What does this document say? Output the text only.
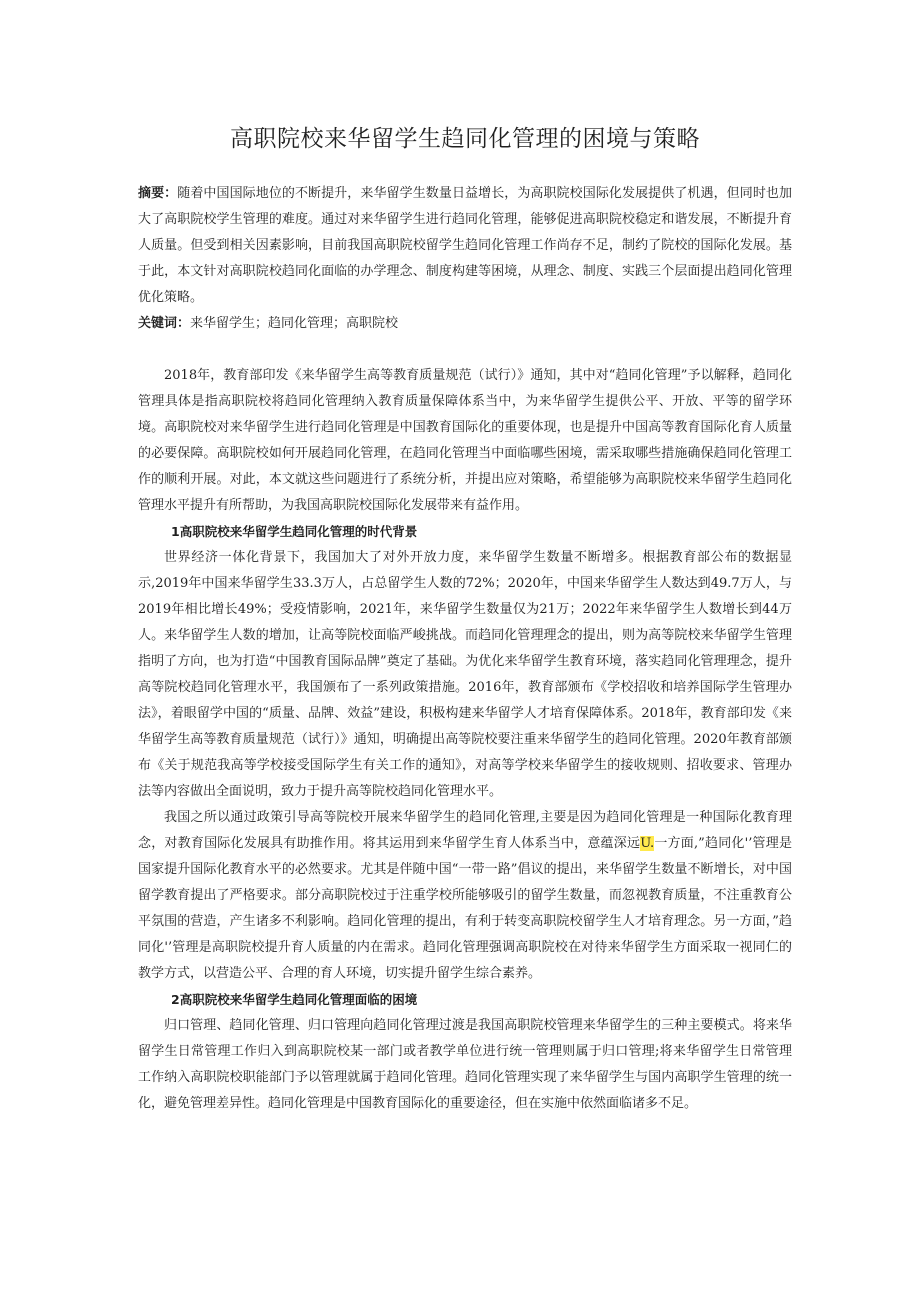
高职院校来华留学生趋同化管理的困境与策略

摘要：随着中国国际地位的不断提升，来华留学生数量日益增长，为高职院校国际化发展提供了机遇，但同时也加大了高职院校学生管理的难度。通过对来华留学生进行趋同化管理，能够促进高职院校稳定和谐发展，不断提升育人质量。但受到相关因素影响，目前我国高职院校留学生趋同化管理工作尚存不足，制约了院校的国际化发展。基于此，本文针对高职院校趋同化面临的办学理念、制度构建等困境，从理念、制度、实践三个层面提出趋同化管理优化策略。

关键词：来华留学生；趋同化管理；高职院校

2018年，教育部印发《来华留学生高等教育质量规范（试行）》通知，其中对“趋同化管理”予以解释，趋同化管理具体是指高职院校将趋同化管理纳入教育质量保障体系当中，为来华留学生提供公平、开放、平等的留学环境。高职院校对来华留学生进行趋同化管理是中国教育国际化的重要体现，也是提升中国高等教育国际化育人质量的必要保障。高职院校如何开展趋同化管理，在趋同化管理当中面临哪些困境，需采取哪些措施确保趋同化管理工作的顺利开展。对此，本文就这些问题进行了系统分析，并提出应对策略，希望能够为高职院校来华留学生趋同化管理水平提升有所帮助，为我国高职院校国际化发展带来有益作用。

1高职院校来华留学生趋同化管理的时代背景

世界经济一体化背景下，我国加大了对外开放力度，来华留学生数量不断增多。根据教育部公布的数据显示,2019年中国来华留学生33.3万人，占总留学生人数的72%；2020年，中国来华留学生人数达到49.7万人，与2019年相比增长49%；受疫情影响，2021年，来华留学生数量仅为21万；2022年来华留学生人数增长到44万人。来华留学生人数的增加，让高等院校面临严峻挑战。而趋同化管理理念的提出，则为高等院校来华留学生管理指明了方向，也为打造“中国教育国际品牌”奠定了基础。为优化来华留学生教育环境，落实趋同化管理理念，提升高等院校趋同化管理水平，我国颁布了一系列政策措施。2016年，教育部颁布《学校招收和培养国际学生管理办法》，着眼留学中国的“质量、品牌、效益”建设，积极构建来华留学人才培育保障体系。2018年，教育部印发《来华留学生高等教育质量规范（试行）》通知，明确提出高等院校要注重来华留学生的趋同化管理。2020年教育部颁布《关于规范我高等学校接受国际学生有关工作的通知》，对高等学校来华留学生的接收规则、招收要求、管理办法等内容做出全面说明，致力于提升高等院校趋同化管理水平。

我国之所以通过政策引导高等院校开展来华留学生的趋同化管理,主要是因为趋同化管理是一种国际化教育理念，对教育国际化发展具有助推作用。将其运用到来华留学生育人体系当中，意蕴深远U.一方面,”趋同化'’管理是国家提升国际化教育水平的必然要求。尤其是伴随中国“一带一路”倡议的提出，来华留学生数量不断增长，对中国留学教育提出了严格要求。部分高职院校过于注重学校所能够吸引的留学生数量，而忽视教育质量，不注重教育公平氛围的营造，产生诸多不利影响。趋同化管理的提出，有利于转变高职院校留学生人才培育理念。另一方面，”趋同化'’管理是高职院校提升育人质量的内在需求。趋同化管理强调高职院校在对待来华留学生方面采取一视同仁的教学方式，以营造公平、合理的育人环境，切实提升留学生综合素养。

2高职院校来华留学生趋同化管理面临的困境

归口管理、趋同化管理、归口管理向趋同化管理过渡是我国高职院校管理来华留学生的三种主要模式。将来华留学生日常管理工作归入到高职院校某一部门或者教学单位进行统一管理则属于归口管理;将来华留学生日常管理工作纳入高职院校职能部门予以管理就属于趋同化管理。趋同化管理实现了来华留学生与国内高职学生管理的统一化，避免管理差异性。趋同化管理是中国教育国际化的重要途径，但在实施中依然面临诸多不足。
